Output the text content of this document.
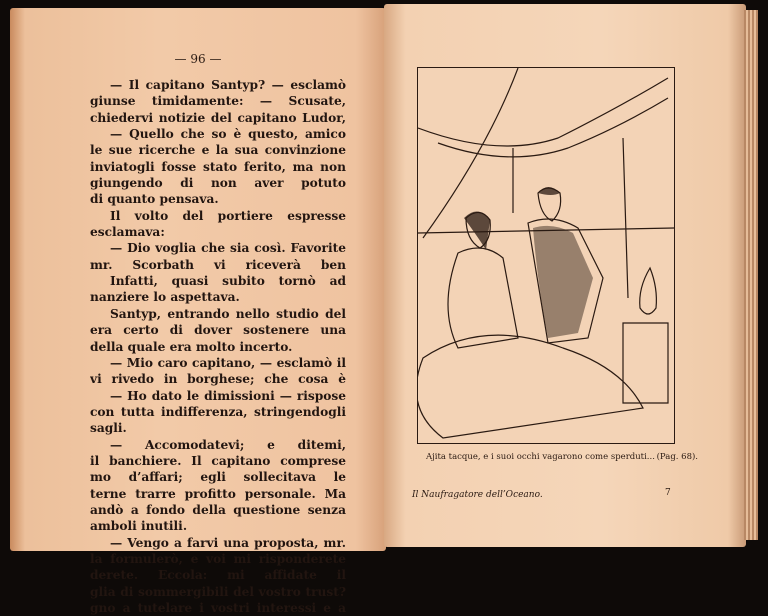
— 96 —
— Il capitano Santyp? — esclamò
giunse timidamente: — Scusate,
chiedervi notizie del capitano Ludor,
— Quello che so è questo, amico
le sue ricerche e la sua convinzione
inviatogli fosse stato ferito, ma non
giungendo di non aver potuto
di quanto pensava.
Il volto del portiere espresse
esclamava:
— Dio voglia che sia così. Favorite
mr. Scorbath vi riceverà ben
Infatti, quasi subito tornò ad
nanziere lo aspettava.
Santyp, entrando nello studio del
era certo di dover sostenere una
della quale era molto incerto.
— Mio caro capitano, — esclamò il
vi rivedo in borghese; che cosa è
— Ho dato le dimissioni — rispose
con tutta indifferenza, stringendogli
sagli.
— Accomodatevi; e ditemi,
il banchiere. Il capitano comprese
mo d’affari; egli sollecitava le
terne trarre profitto personale. Ma
andò a fondo della questione senza
amboli inutili.
— Vengo a farvi una proposta, mr.
la formulerò, e voi mi risponderete
derete. Eccola: mi affidate il
glia di sommergibili del vostro trust?
gno a tutelare i vostri interessi e a
Ajita tacque, e i suoi occhi vagarono come sperduti... (Pag. 68).
Il Naufragatore dell’Oceano.	7
